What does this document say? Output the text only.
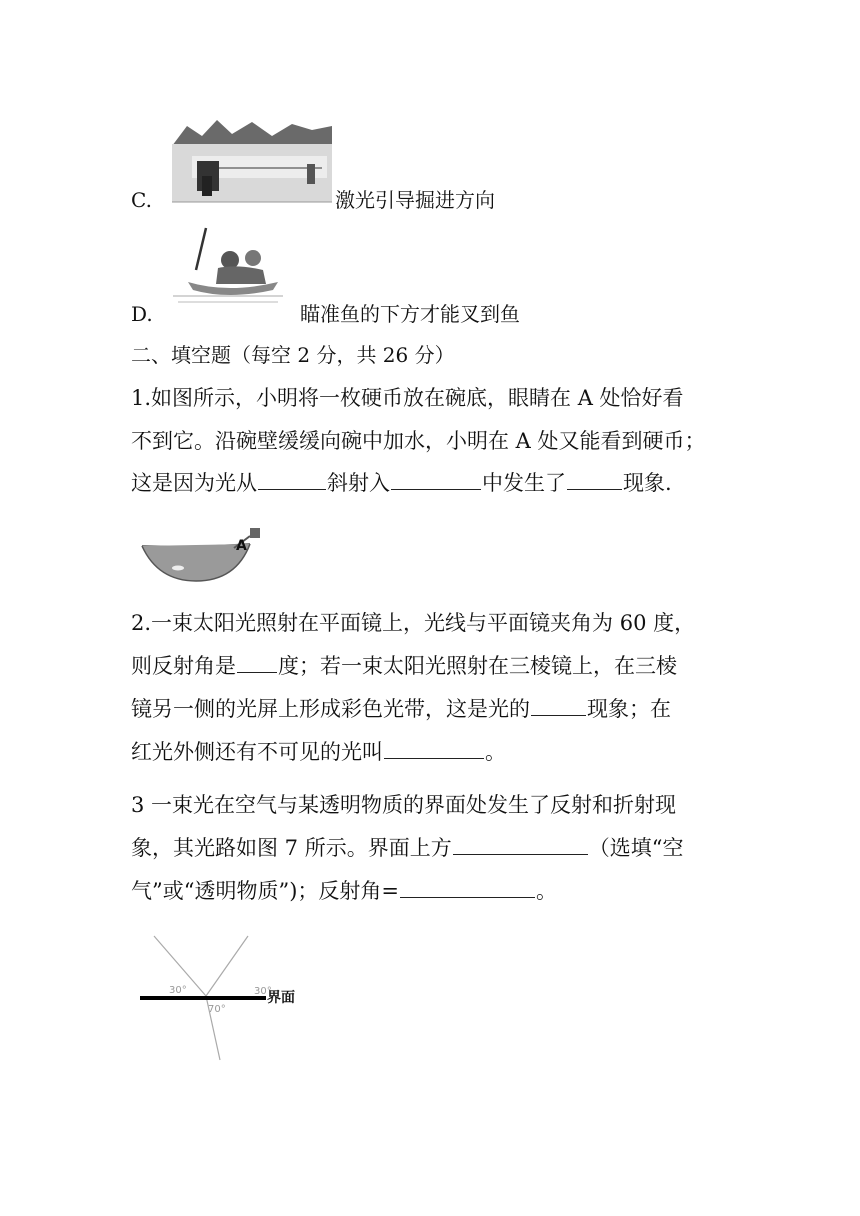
C.	激光引导掘进方向
D.	瞄准鱼的下方才能叉到鱼
二、填空题（每空 2 分，共 26 分）
1.如图所示，小明将一枚硬币放在碗底，眼睛在 A 处恰好看
不到它。沿碗壁缓缓向碗中加水，小明在 A 处又能看到硬币；
这是因为光从	斜射入	中发生了	现象.
A
2.一束太阳光照射在平面镜上，光线与平面镜夹角为 60 度，
则反射角是 度；若一束太阳光照射在三棱镜上，在三棱
镜另一侧的光屏上形成彩色光带，这是光的	现象；在
红光外侧还有不可见的光叫	。
3 一束光在空气与某透明物质的界面处发生了反射和折射现
象，其光路如图 7 所示。界面上方	（选填“空
气”或“透明物质”)；反射角=	。
30°	30°
70°
界面
